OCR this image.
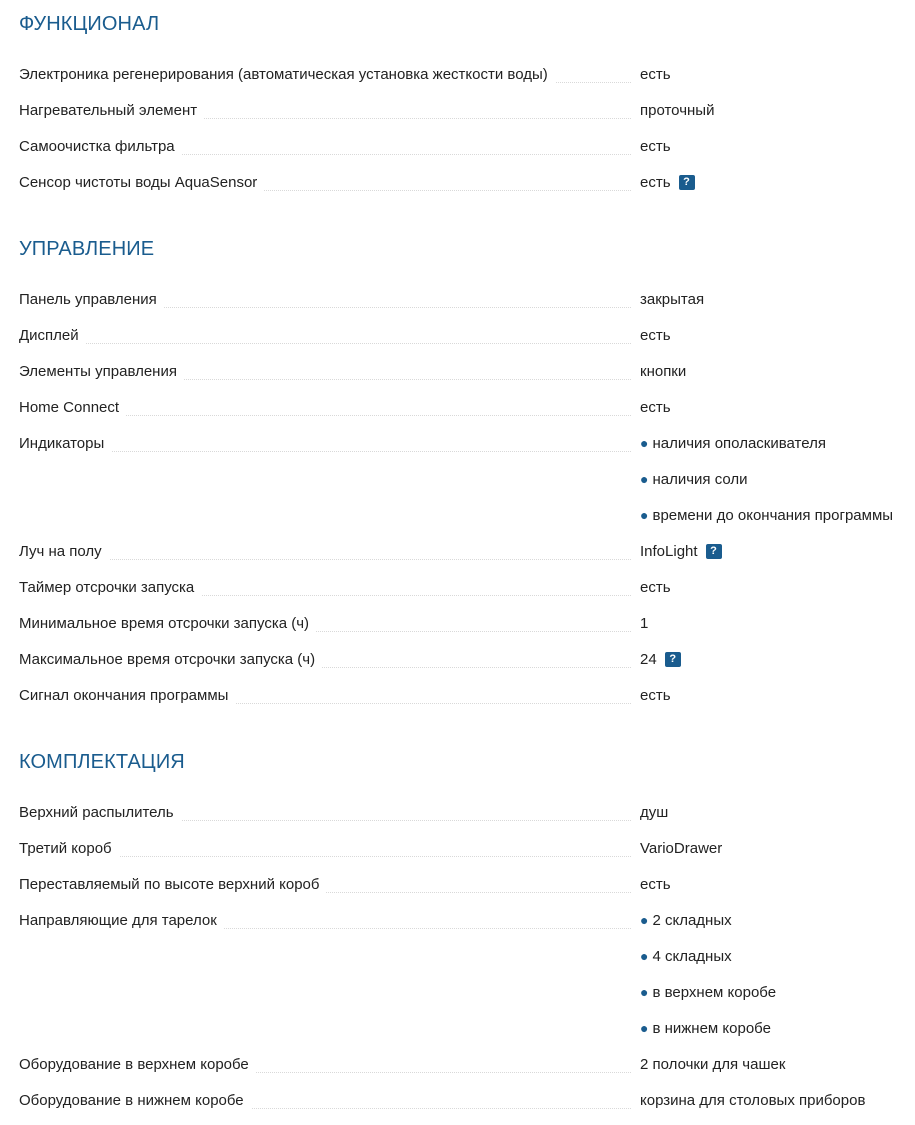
ФУНКЦИОНАЛ
Электроника регенерирования (автоматическая установка жесткости воды)	есть
Нагревательный элемент	проточный
Самоочистка фильтра	есть
Сенсор чистоты воды AquaSensor	есть	?
УПРАВЛЕНИЕ
Панель управления	закрытая
Дисплей	есть
Элементы управления	кнопки
Home Connect	есть
Индикаторы	● наличия ополаскивателя
● наличия соли
● времени до окончания программы
Луч на полу	InfoLight	?
Таймер отсрочки запуска	есть
Минимальное время отсрочки запуска (ч)	1
Максимальное время отсрочки запуска (ч)	24	?
Сигнал окончания программы	есть
КОМПЛЕКТАЦИЯ
Верхний распылитель	душ
Третий короб	VarioDrawer
Переставляемый по высоте верхний короб	есть
Направляющие для тарелок	● 2 складных
● 4 складных
● в верхнем коробе
● в нижнем коробе
Оборудование в верхнем коробе	2 полочки для чашек
Оборудование в нижнем коробе	корзина для столовых приборов
